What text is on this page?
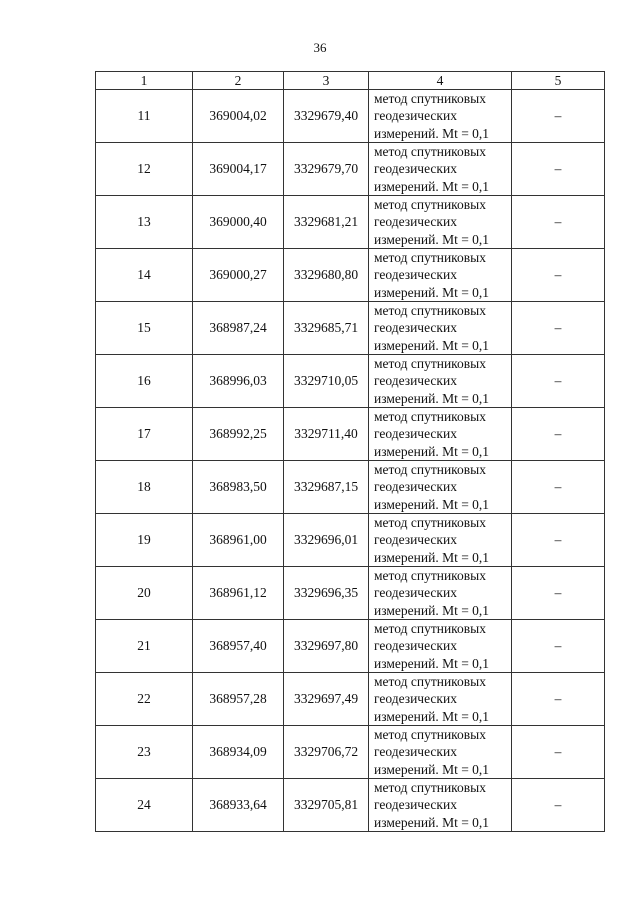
36
1	2	3	4	5
11	369004,02	3329679,40	метод спутниковых
геодезических
измерений. Mt = 0,1	–
12	369004,17	3329679,70	метод спутниковых
геодезических
измерений. Mt = 0,1	–
13	369000,40	3329681,21	метод спутниковых
геодезических
измерений. Mt = 0,1	–
14	369000,27	3329680,80	метод спутниковых
геодезических
измерений. Mt = 0,1	–
15	368987,24	3329685,71	метод спутниковых
геодезических
измерений. Mt = 0,1	–
16	368996,03	3329710,05	метод спутниковых
геодезических
измерений. Mt = 0,1	–
17	368992,25	3329711,40	метод спутниковых
геодезических
измерений. Mt = 0,1	–
18	368983,50	3329687,15	метод спутниковых
геодезических
измерений. Mt = 0,1	–
19	368961,00	3329696,01	метод спутниковых
геодезических
измерений. Mt = 0,1	–
20	368961,12	3329696,35	метод спутниковых
геодезических
измерений. Mt = 0,1	–
21	368957,40	3329697,80	метод спутниковых
геодезических
измерений. Mt = 0,1	–
22	368957,28	3329697,49	метод спутниковых
геодезических
измерений. Mt = 0,1	–
23	368934,09	3329706,72	метод спутниковых
геодезических
измерений. Mt = 0,1	–
24	368933,64	3329705,81	метод спутниковых
геодезических
измерений. Mt = 0,1	–
